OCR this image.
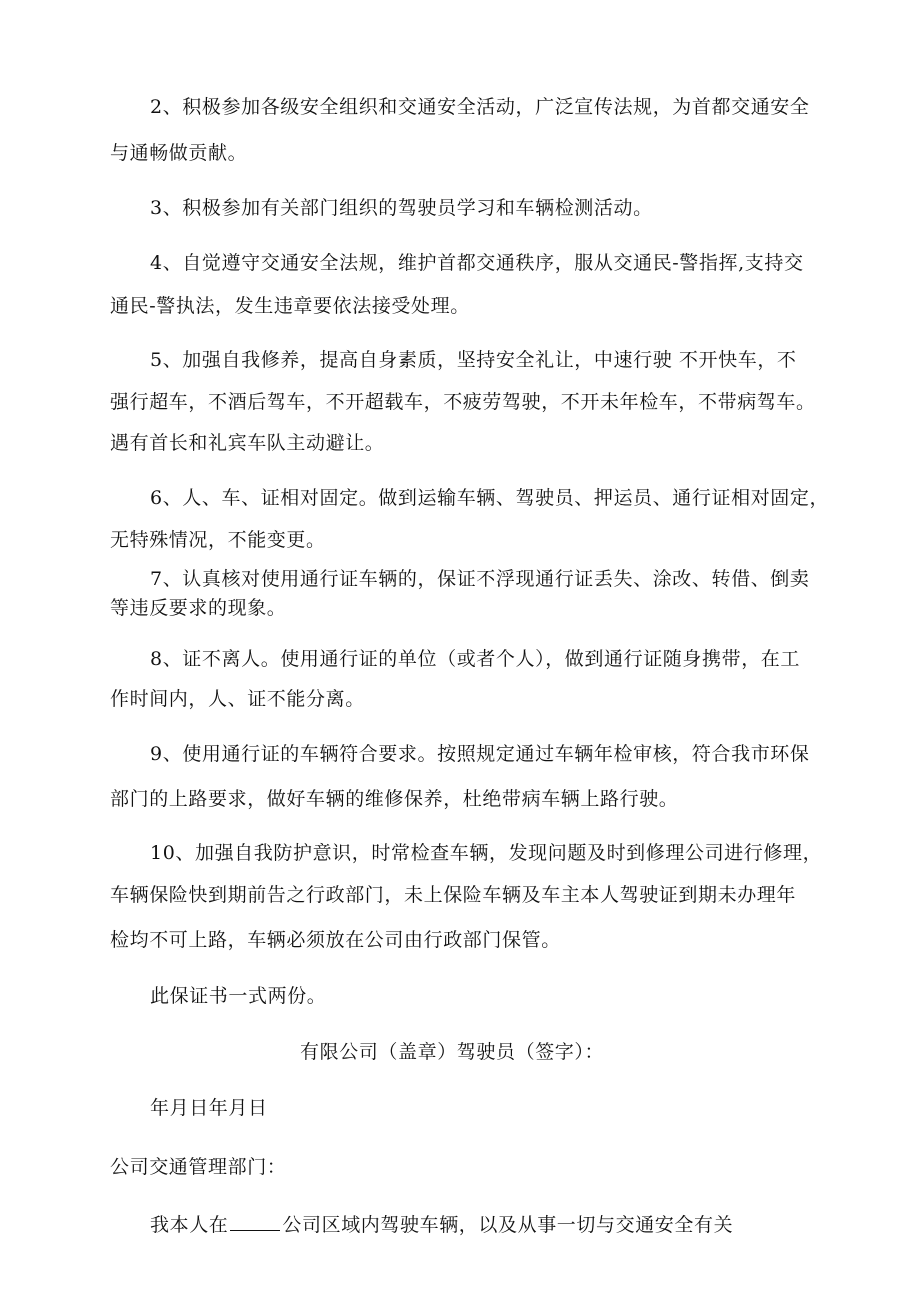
2、积极参加各级安全组织和交通安全活动，广泛宣传法规，为首都交通安全
与通畅做贡献。
3、积极参加有关部门组织的驾驶员学习和车辆检测活动。
4、自觉遵守交通安全法规，维护首都交通秩序，服从交通民-警指挥,支持交
通民-警执法，发生违章要依法接受处理。
5、加强自我修养，提高自身素质，坚持安全礼让，中速行驶 不开快车，不
强行超车，不酒后驾车，不开超载车，不疲劳驾驶，不开未年检车，不带病驾车。
遇有首长和礼宾车队主动避让。
6、人、车、证相对固定。做到运输车辆、驾驶员、押运员、通行证相对固定，
无特殊情况，不能变更。
7、认真核对使用通行证车辆的，保证不浮现通行证丢失、涂改、转借、倒卖
等违反要求的现象。
8、证不离人。使用通行证的单位（或者个人），做到通行证随身携带，在工
作时间内，人、证不能分离。
9、使用通行证的车辆符合要求。按照规定通过车辆年检审核，符合我市环保
部门的上路要求，做好车辆的维修保养，杜绝带病车辆上路行驶。
10、加强自我防护意识，时常检查车辆，发现问题及时到修理公司进行修理，
车辆保险快到期前告之行政部门，未上保险车辆及车主本人驾驶证到期未办理年
检均不可上路，车辆必须放在公司由行政部门保管。
此保证书一式两份。
有限公司（盖章）驾驶员（签字）：
年月日年月日
公司交通管理部门：
我本人在	公司区域内驾驶车辆，以及从事一切与交通安全有关
